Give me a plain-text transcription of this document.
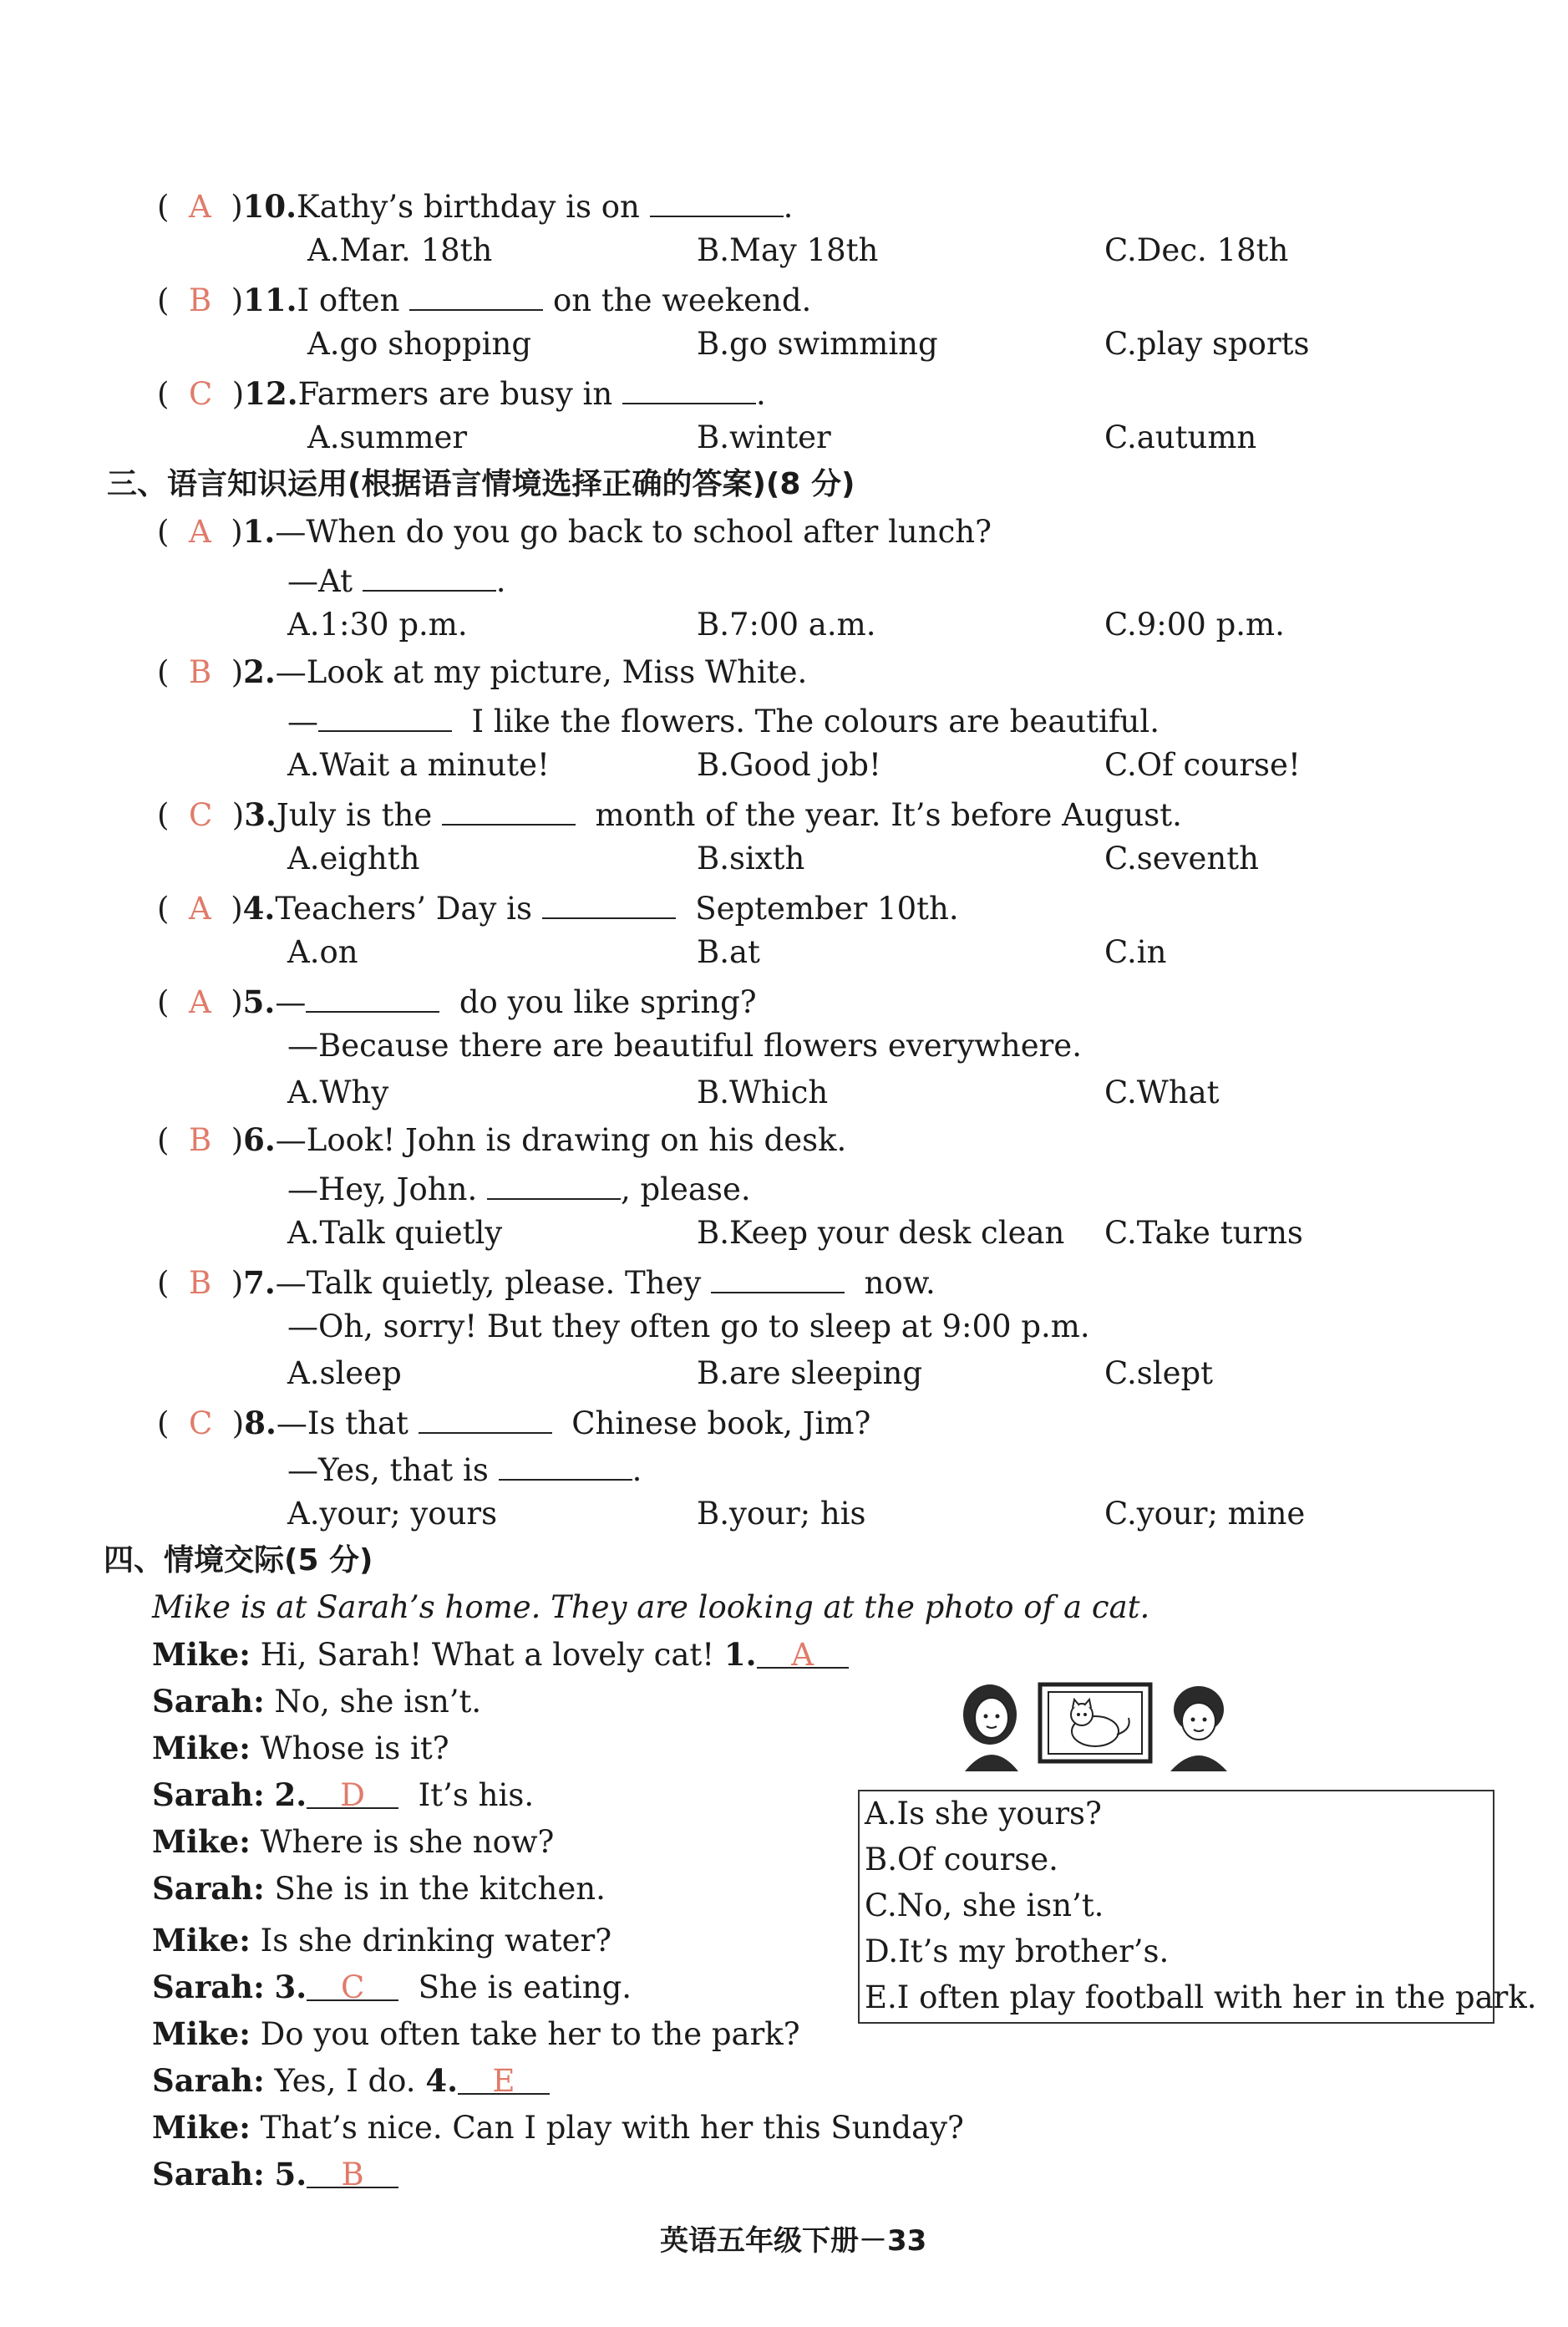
( A  )10.Kathy’s birthday is on	.
A.Mar. 18th	B.May 18th	C.Dec. 18th
( B  )11.I often	on the weekend.
A.go shopping	B.go swimming	C.play sports
( C  )12.Farmers are busy in	.
A.summer	B.winter	C.autumn
三、语言知识运用(根据语言情境选择正确的答案)(8 分)
(  A  )1.—When do you go back to school after lunch?
—At	.
A.1:30 p.m.	B.7:00 a.m.	C.9:00 p.m.
(  B  )2.—Look at my picture, Miss White.
—	I like the flowers. The colours are beautiful.
A.Wait a minute!	B.Good job!	C.Of course!
(  C  )3.July is the	month of the year. It’s before August.
A.eighth	B.sixth	C.seventh
(  A  )4.Teachers’ Day is	September 10th.
A.on	B.at	C.in
(  A  )5.—	do you like spring?
—Because there are beautiful flowers everywhere.
A.Why	B.Which	C.What
(  B  )6.—Look! John is drawing on his desk.
—Hey, John.	, please.
A.Talk quietly	B.Keep your desk clean C.Take turns
(  B  )7.—Talk quietly, please. They	now.
—Oh, sorry! But they often go to sleep at 9:00 p.m.
A.sleep	B.are sleeping	C.slept
(  C  )8.—Is that	Chinese book, Jim?
—Yes, that is	.
A.your; yours	B.your; his	C.your; mine
四、情境交际(5 分)
Mike is at Sarah’s home. They are looking at the photo of a cat.
Mike: Hi, Sarah! What a lovely cat! 1. A
Sarah: No, she isn’t.
Mike: Whose is it?
Sarah: 2. D It’s his.
Mike: Where is she now?
Sarah: She is in the kitchen.
Mike: Is she drinking water?
Sarah: 3. C She is eating.
Mike: Do you often take her to the park?
Sarah: Yes, I do. 4. E
Mike: That’s nice. Can I play with her this Sunday?
Sarah: 5. B
A.Is she yours?
B.Of course.
C.No, she isn’t.
D.It’s my brother’s.
E.I often play football with her in the park.
英语五年级下册－33
